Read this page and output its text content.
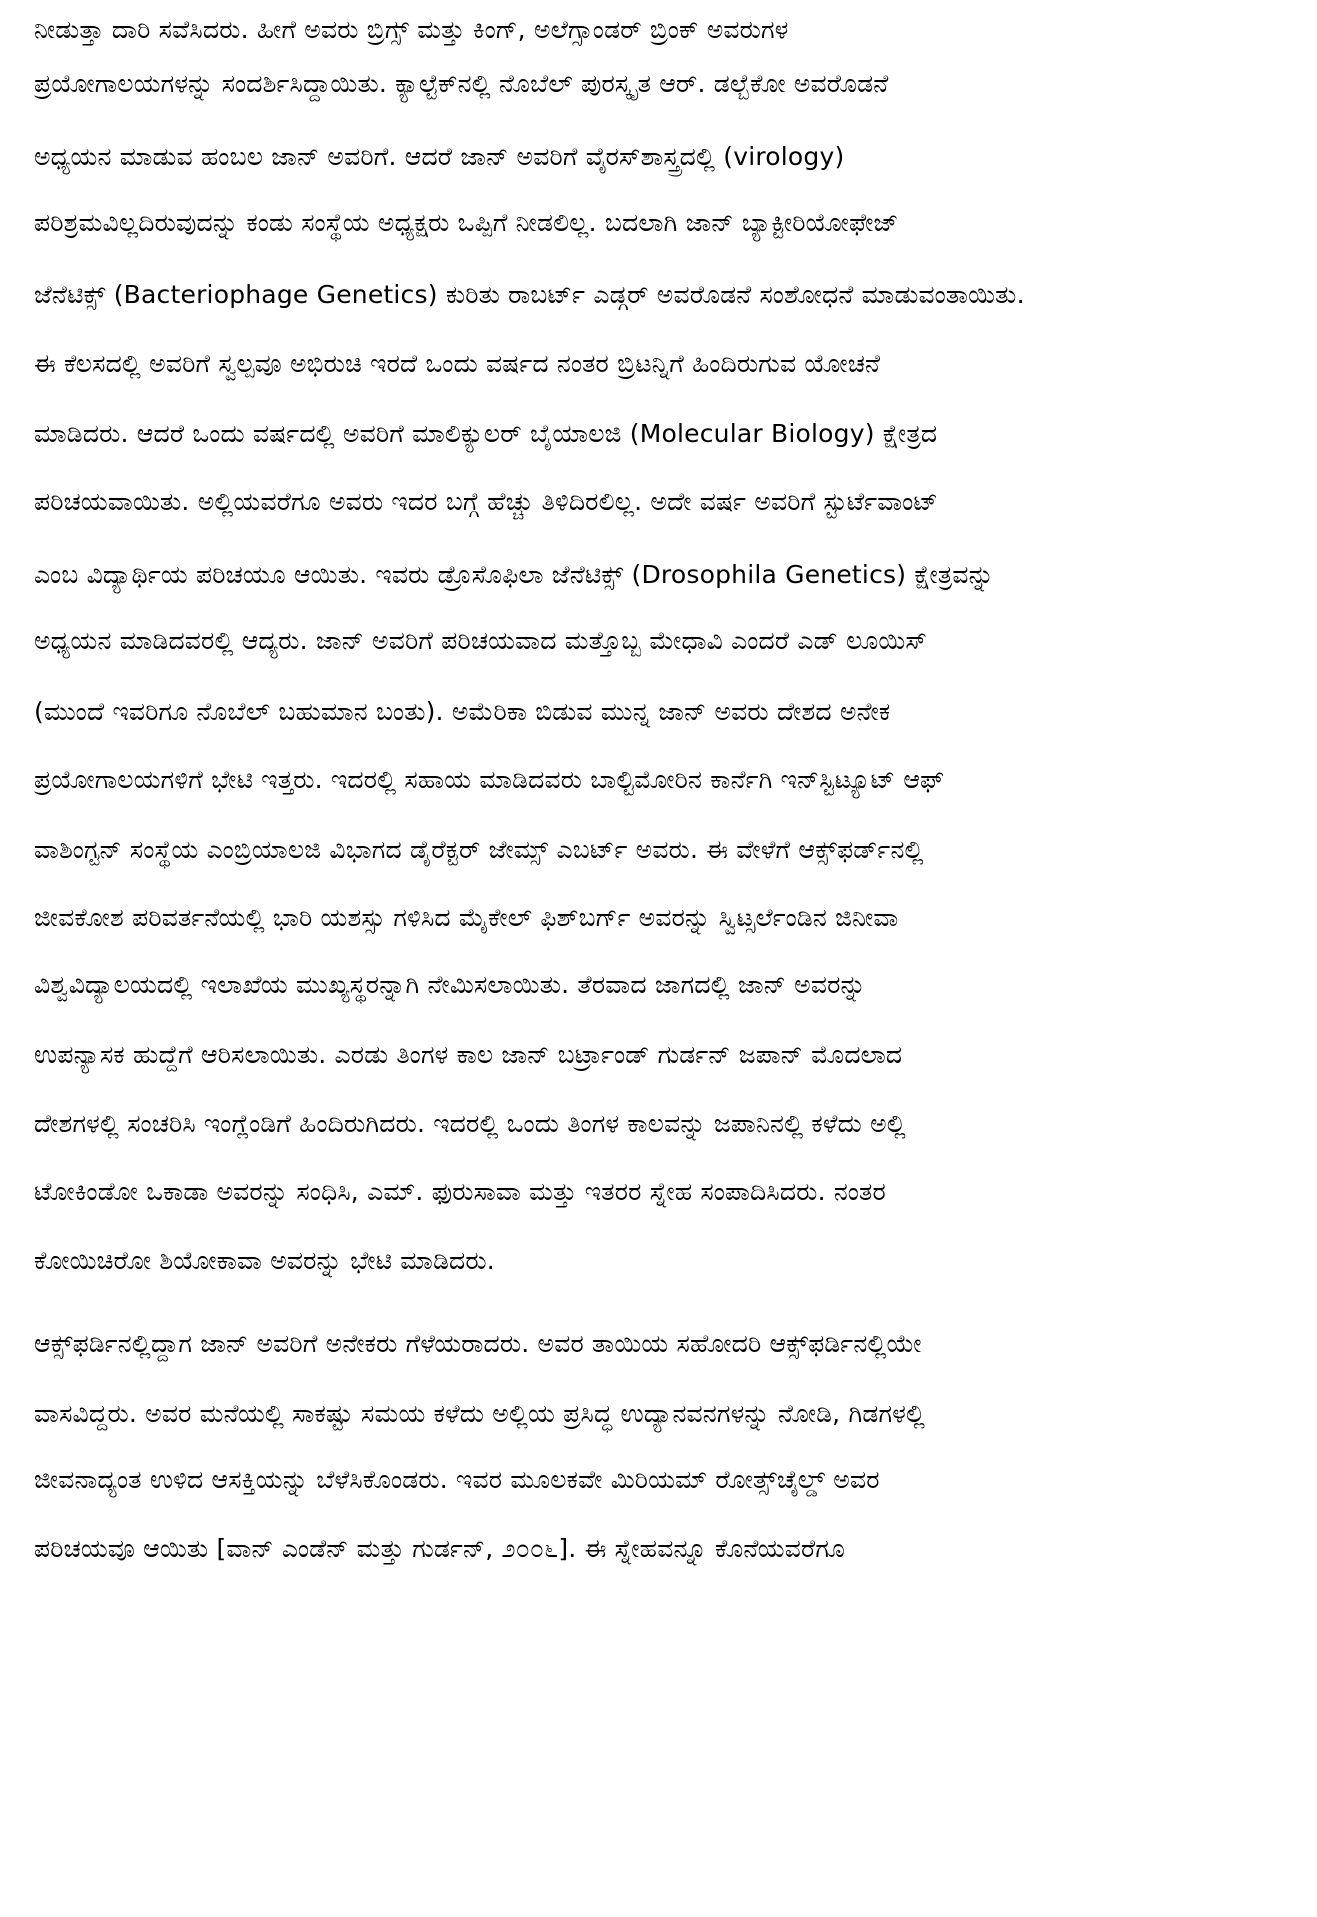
ನೀಡುತ್ತಾ ದಾರಿ ಸವೆಸಿದರು. ಹೀಗೆ ಅವರು ಬ್ರಿಗ್ಸ್ ಮತ್ತು ಕಿಂಗ್, ಅಲೆಗ್ಸಾಂಡರ್ ಬ್ರಿಂಕ್ ಅವರುಗಳ
ಪ್ರಯೋಗಾಲಯಗಳನ್ನು ಸಂದರ್ಶಿಸಿದ್ದಾಯಿತು. ಕ್ಯಾಲ್ಟೆಕ್‌ನಲ್ಲಿ ನೊಬೆಲ್ ಪುರಸ್ಕೃತ ಆರ್. ಡಲ್ಬೆಕೋ ಅವರೊಡನೆ
ಅಧ್ಯಯನ ಮಾಡುವ ಹಂಬಲ ಜಾನ್ ಅವರಿಗೆ. ಆದರೆ ಜಾನ್ ಅವರಿಗೆ ವೈರಸ್‌ಶಾಸ್ತ್ರದಲ್ಲಿ (virology)
ಪರಿಶ್ರಮವಿಲ್ಲದಿರುವುದನ್ನು ಕಂಡು ಸಂಸ್ಥೆಯ ಅಧ್ಯಕ್ಷರು ಒಪ್ಪಿಗೆ ನೀಡಲಿಲ್ಲ. ಬದಲಾಗಿ ಜಾನ್ ಬ್ಯಾಕ್ಟೀರಿಯೋಫೇಜ್
ಜೆನೆಟಿಕ್ಸ್ (Bacteriophage Genetics) ಕುರಿತು ರಾಬರ್ಟ್ ಎಡ್ಗರ್ ಅವರೊಡನೆ ಸಂಶೋಧನೆ ಮಾಡುವಂತಾಯಿತು.
ಈ ಕೆಲಸದಲ್ಲಿ ಅವರಿಗೆ ಸ್ವಲ್ಪವೂ ಅಭಿರುಚಿ ಇರದೆ ಒಂದು ವರ್ಷದ ನಂತರ ಬ್ರಿಟನ್ನಿಗೆ ಹಿಂದಿರುಗುವ ಯೋಚನೆ
ಮಾಡಿದರು. ಆದರೆ ಒಂದು ವರ್ಷದಲ್ಲಿ ಅವರಿಗೆ ಮಾಲಿಕ್ಯುಲರ್ ಬೈಯಾಲಜಿ (Molecular Biology) ಕ್ಷೇತ್ರದ
ಪರಿಚಯವಾಯಿತು. ಅಲ್ಲಿಯವರೆಗೂ ಅವರು ಇದರ ಬಗ್ಗೆ ಹೆಚ್ಚು ತಿಳಿದಿರಲಿಲ್ಲ. ಅದೇ ವರ್ಷ ಅವರಿಗೆ ಸ್ಟುರ್ಟೆವಾಂಟ್
ಎಂಬ ವಿದ್ಯಾರ್ಥಿಯ ಪರಿಚಯೂ ಆಯಿತು. ಇವರು ಡ್ರೊಸೊಫಿಲಾ ಜೆನೆಟಿಕ್ಸ್ (Drosophila Genetics) ಕ್ಷೇತ್ರವನ್ನು
ಅಧ್ಯಯನ ಮಾಡಿದವರಲ್ಲಿ ಆದ್ಯರು. ಜಾನ್ ಅವರಿಗೆ ಪರಿಚಯವಾದ ಮತ್ತೊಬ್ಬ ಮೇಧಾವಿ ಎಂದರೆ ಎಡ್ ಲೂಯಿಸ್
(ಮುಂದೆ ಇವರಿಗೂ ನೊಬೆಲ್ ಬಹುಮಾನ ಬಂತು). ಅಮೆರಿಕಾ ಬಿಡುವ ಮುನ್ನ ಜಾನ್ ಅವರು ದೇಶದ ಅನೇಕ
ಪ್ರಯೋಗಾಲಯಗಳಿಗೆ ಭೇಟಿ ಇತ್ತರು. ಇದರಲ್ಲಿ ಸಹಾಯ ಮಾಡಿದವರು ಬಾಲ್ಟಿಮೋರಿನ ಕಾರ್ನೆಗಿ ಇನ್‌ಸ್ಟಿಟ್ಯೂಟ್ ಆಫ್
ವಾಶಿಂಗ್ಟನ್ ಸಂಸ್ಥೆಯ ಎಂಬ್ರಿಯಾಲಜಿ ವಿಭಾಗದ ಡೈರೆಕ್ಟರ್ ಜೇಮ್ಸ್ ಎಬರ್ಟ್ ಅವರು. ಈ ವೇಳೆಗೆ ಆಕ್ಸ್‌ಫರ್ಡ್‌ನಲ್ಲಿ
ಜೀವಕೋಶ ಪರಿವರ್ತನೆಯಲ್ಲಿ ಭಾರಿ ಯಶಸ್ಸು ಗಳಿಸಿದ ಮೈಕೇಲ್ ಫಿಶ್‌ಬರ್ಗ್ ಅವರನ್ನು ಸ್ವಿಟ್ಸರ್ಲೆಂಡಿನ ಜಿನೀವಾ
ವಿಶ್ವವಿದ್ಯಾಲಯದಲ್ಲಿ ಇಲಾಖೆಯ ಮುಖ್ಯಸ್ಥರನ್ನಾಗಿ ನೇಮಿಸಲಾಯಿತು. ತೆರವಾದ ಜಾಗದಲ್ಲಿ ಜಾನ್ ಅವರನ್ನು
ಉಪನ್ಯಾಸಕ ಹುದ್ದೆಗೆ ಆರಿಸಲಾಯಿತು. ಎರಡು ತಿಂಗಳ ಕಾಲ ಜಾನ್ ಬರ್ಟ್ರಾಂಡ್ ಗುರ್ಡನ್ ಜಪಾನ್ ಮೊದಲಾದ
ದೇಶಗಳಲ್ಲಿ ಸಂಚರಿಸಿ ಇಂಗ್ಲೆಂಡಿಗೆ ಹಿಂದಿರುಗಿದರು. ಇದರಲ್ಲಿ ಒಂದು ತಿಂಗಳ ಕಾಲವನ್ನು ಜಪಾನಿನಲ್ಲಿ ಕಳೆದು ಅಲ್ಲಿ
ಟೋಕಿಂಡೋ ಒಕಾಡಾ ಅವರನ್ನು ಸಂಧಿಸಿ, ಎಮ್. ಫುರುಸಾವಾ ಮತ್ತು ಇತರರ ಸ್ನೇಹ ಸಂಪಾದಿಸಿದರು. ನಂತರ
ಕೋಯಿಚಿರೋ ಶಿಯೋಕಾವಾ ಅವರನ್ನು ಭೇಟಿ ಮಾಡಿದರು.
ಆಕ್ಸ್‌ಫರ್ಡಿನಲ್ಲಿದ್ದಾಗ ಜಾನ್ ಅವರಿಗೆ ಅನೇಕರು ಗೆಳೆಯರಾದರು. ಅವರ ತಾಯಿಯ ಸಹೋದರಿ ಆಕ್ಸ್‌ಫರ್ಡಿನಲ್ಲಿಯೇ
ವಾಸವಿದ್ದರು. ಅವರ ಮನೆಯಲ್ಲಿ ಸಾಕಷ್ಟು ಸಮಯ ಕಳೆದು ಅಲ್ಲಿಯ ಪ್ರಸಿದ್ಧ ಉದ್ಯಾನವನಗಳನ್ನು ನೋಡಿ, ಗಿಡಗಳಲ್ಲಿ
ಜೀವನಾದ್ಯಂತ ಉಳಿದ ಆಸಕ್ತಿಯನ್ನು ಬೆಳೆಸಿಕೊಂಡರು. ಇವರ ಮೂಲಕವೇ ಮಿರಿಯಮ್ ರೋತ್ಸ್‌ಚೈಲ್ಡ್ ಅವರ
ಪರಿಚಯವೂ ಆಯಿತು [ವಾನ್ ಎಂಡೆನ್ ಮತ್ತು ಗುರ್ಡನ್, ೨೦೦೬]. ಈ ಸ್ನೇಹವನ್ನೂ ಕೊನೆಯವರೆಗೂ
